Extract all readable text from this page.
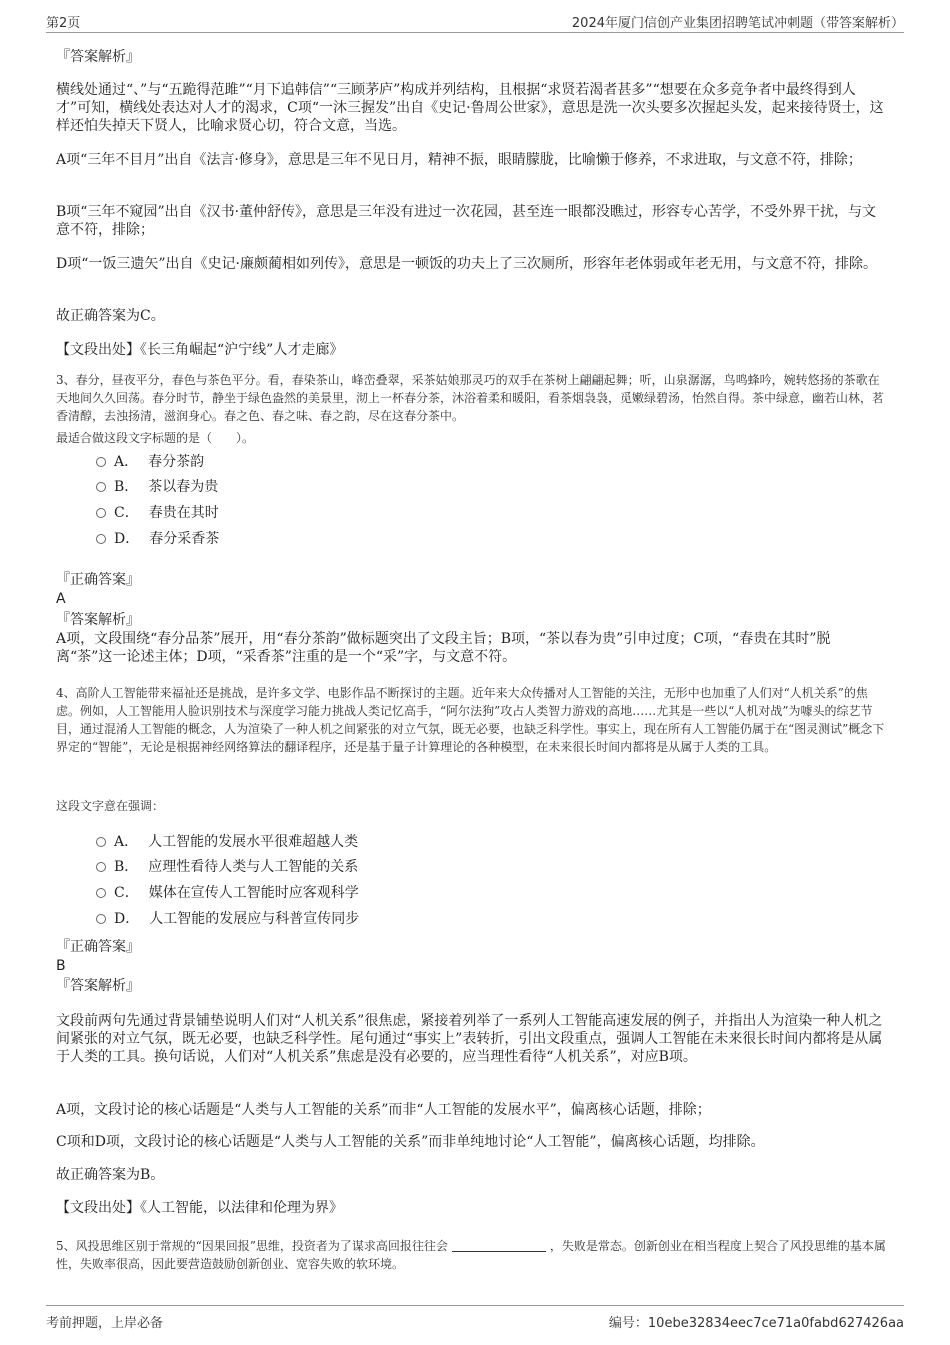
第2页	2024年厦门信创产业集团招聘笔试冲刺题（带答案解析）
『答案解析』
横线处通过“、”与“五跪得范雎”“月下追韩信”“三顾茅庐”构成并列结构，且根据“求贤若渴者甚多”“想要在众多竞争者中最终得到人才”可知，横线处表达对人才的渴求，C项“一沐三握发”出自《史记·鲁周公世家》，意思是洗一次头要多次握起头发，起来接待贤士，这样还怕失掉天下贤人，比喻求贤心切，符合文意，当选。
A项“三年不目月”出自《法言·修身》，意思是三年不见日月，精神不振，眼睛朦胧，比喻懒于修养，不求进取，与文意不符，排除；
B项“三年不窥园”出自《汉书·董仲舒传》，意思是三年没有进过一次花园，甚至连一眼都没瞧过，形容专心苦学，不受外界干扰，与文意不符，排除；
D项“一饭三遗矢”出自《史记·廉颇蔺相如列传》，意思是一顿饭的功夫上了三次厕所，形容年老体弱或年老无用，与文意不符，排除。
故正确答案为C。
【文段出处】《长三角崛起“沪宁线”人才走廊》
3、春分，昼夜平分，春色与茶色平分。看，春染茶山，峰峦叠翠，采茶姑娘那灵巧的双手在茶树上翩翩起舞；听，山泉潺潺，鸟鸣蜂吟，婉转悠扬的茶歌在天地间久久回荡。春分时节，静坐于绿色盎然的美景里，沏上一杯春分茶，沐浴着柔和暖阳，看茶烟袅袅，觅嫩绿碧汤，怡然自得。茶中绿意，幽若山林，茗香清醇，去浊扬清，滋润身心。春之色、春之味、春之韵，尽在这春分茶中。
最适合做这段文字标题的是（　　）。
A． 春分茶韵
B． 茶以春为贵
C． 春贵在其时
D． 春分采香茶
『正确答案』
A
『答案解析』
A项，文段围绕“春分品茶”展开，用“春分茶韵”做标题突出了文段主旨；B项，“茶以春为贵”引申过度；C项，“春贵在其时”脱离“茶”这一论述主体；D项，“采香茶”注重的是一个“采”字，与文意不符。
4、高阶人工智能带来福祉还是挑战，是许多文学、电影作品不断探讨的主题。近年来大众传播对人工智能的关注，无形中也加重了人们对“人机关系”的焦虑。例如，人工智能用人脸识别技术与深度学习能力挑战人类记忆高手，“阿尔法狗”攻占人类智力游戏的高地……尤其是一些以“人机对战”为噱头的综艺节目，通过混淆人工智能的概念，人为渲染了一种人机之间紧张的对立气氛，既无必要，也缺乏科学性。事实上，现在所有人工智能仍属于在“图灵测试”概念下界定的“智能”，无论是根据神经网络算法的翻译程序，还是基于量子计算理论的各种模型，在未来很长时间内都将是从属于人类的工具。
这段文字意在强调：
A． 人工智能的发展水平很难超越人类
B． 应理性看待人类与人工智能的关系
C． 媒体在宣传人工智能时应客观科学
D． 人工智能的发展应与科普宣传同步
『正确答案』
B
『答案解析』
文段前两句先通过背景铺垫说明人们对“人机关系”很焦虑，紧接着列举了一系列人工智能高速发展的例子，并指出人为渲染一种人机之间紧张的对立气氛，既无必要，也缺乏科学性。尾句通过“事实上”表转折，引出文段重点，强调人工智能在未来很长时间内都将是从属于人类的工具。换句话说，人们对“人机关系”焦虑是没有必要的，应当理性看待“人机关系”，对应B项。
A项，文段讨论的核心话题是“人类与人工智能的关系”而非“人工智能的发展水平”，偏离核心话题，排除；
C项和D项，文段讨论的核心话题是“人类与人工智能的关系”而非单纯地讨论“人工智能”，偏离核心话题，均排除。
故正确答案为B。
【文段出处】《人工智能，以法律和伦理为界》
5、风投思维区别于常规的“因果回报”思维，投资者为了谋求高回报往往会	，失败是常态。创新创业在相当程度上契合了风投思维的基本属性，失败率很高，因此要营造鼓励创新创业、宽容失败的软环境。
考前押题，上岸必备	编号：10ebe32834eec7ce71a0fabd627426aa
